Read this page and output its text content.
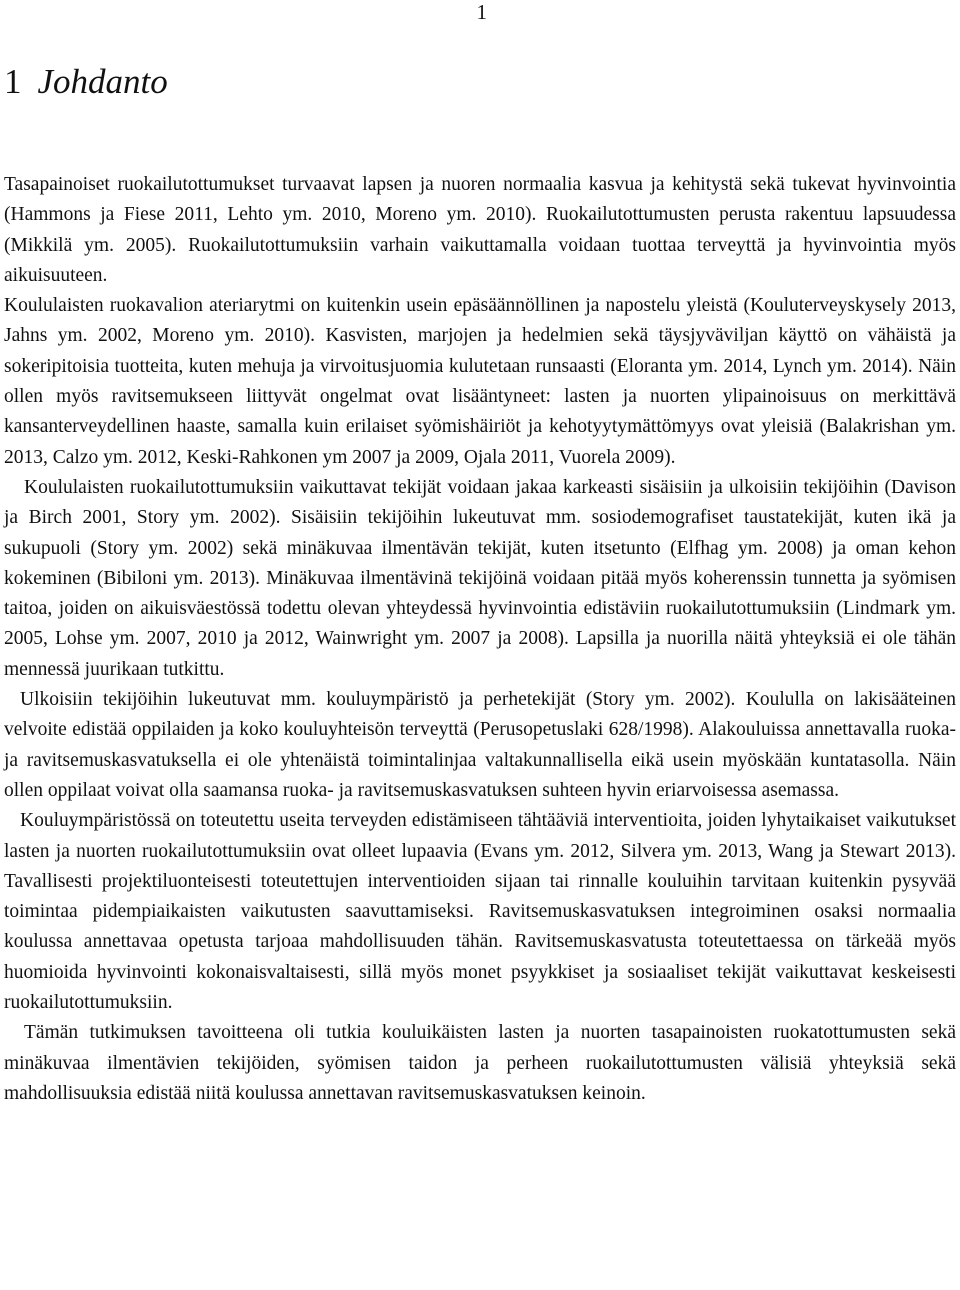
1
1 Johdanto

Tasapainoiset ruokailutottumukset turvaavat lapsen ja nuoren normaalia kasvua ja kehitystä sekä tukevat hyvinvointia (Hammons ja Fiese 2011, Lehto ym. 2010, Moreno ym. 2010). Ruokailutottumusten perusta rakentuu lapsuudessa (Mikkilä ym. 2005). Ruokailutottumuksiin varhain vaikuttamalla voidaan tuottaa terveyttä ja hyvinvointia myös aikuisuuteen.

Koululaisten ruokavalion ateriarytmi on kuitenkin usein epäsäännöllinen ja napostelu yleistä (Kouluterveyskysely 2013, Jahns ym. 2002, Moreno ym. 2010). Kasvisten, marjojen ja hedelmien sekä täysjyväviljan käyttö on vähäistä ja sokeripitoisia tuotteita, kuten mehuja ja virvoitusjuomia kulutetaan runsaasti (Eloranta ym. 2014, Lynch ym. 2014). Näin ollen myös ravitsemukseen liittyvät ongelmat ovat lisääntyneet: lasten ja nuorten ylipainoisuus on merkittävä kansanterveydellinen haaste, samalla kuin erilaiset syömishäiriöt ja kehotyytymättömyys ovat yleisiä (Balakrishan ym. 2013, Calzo ym. 2012, Keski-Rahkonen ym 2007 ja 2009, Ojala 2011, Vuorela 2009).

Koululaisten ruokailutottumuksiin vaikuttavat tekijät voidaan jakaa karkeasti sisäisiin ja ulkoisiin tekijöihin (Davison ja Birch 2001, Story ym. 2002). Sisäisiin tekijöihin lukeutuvat mm. sosiodemografiset taustatekijät, kuten ikä ja sukupuoli (Story ym. 2002) sekä minäkuvaa ilmentävän tekijät, kuten itsetunto (Elfhag ym. 2008) ja oman kehon kokeminen (Bibiloni ym. 2013). Minäkuvaa ilmentävinä tekijöinä voidaan pitää myös koherenssin tunnetta ja syömisen taitoa, joiden on aikuisväestössä todettu olevan yhteydessä hyvinvointia edistäviin ruokailutottumuksiin (Lindmark ym. 2005, Lohse ym. 2007, 2010 ja 2012, Wainwright ym. 2007 ja 2008). Lapsilla ja nuorilla näitä yhteyksiä ei ole tähän mennessä juurikaan tutkittu.

Ulkoisiin tekijöihin lukeutuvat mm. kouluympäristö ja perhetekijät (Story ym. 2002). Koululla on lakisääteinen velvoite edistää oppilaiden ja koko kouluyhteisön terveyttä (Perusopetuslaki 628/1998). Alakouluissa annettavalla ruoka- ja ravitsemuskasvatuksella ei ole yhtenäistä toimintalinjaa valtakunnallisella eikä usein myöskään kuntatasolla. Näin ollen oppilaat voivat olla saamansa ruoka- ja ravitsemuskasvatuksen suhteen hyvin eriarvoisessa asemassa.

Kouluympäristössä on toteutettu useita terveyden edistämiseen tähtääviä interventioita, joiden lyhytaikaiset vaikutukset lasten ja nuorten ruokailutottumuksiin ovat olleet lupaavia (Evans ym. 2012, Silvera ym. 2013, Wang ja Stewart 2013). Tavallisesti projektiluonteisesti toteutettujen interventioiden sijaan tai rinnalle kouluihin tarvitaan kuitenkin pysyvää toimintaa pidempiaikaisten vaikutusten saavuttamiseksi. Ravitsemuskasvatuksen integroiminen osaksi normaalia koulussa annettavaa opetusta tarjoaa mahdollisuuden tähän. Ravitsemuskasvatusta toteutettaessa on tärkeää myös huomioida hyvinvointi kokonaisvaltaisesti, sillä myös monet psyykkiset ja sosiaaliset tekijät vaikuttavat keskeisesti ruokailutottumuksiin.

Tämän tutkimuksen tavoitteena oli tutkia kouluikäisten lasten ja nuorten tasapainoisten ruokatottumusten sekä minäkuvaa ilmentävien tekijöiden, syömisen taidon ja perheen ruokailutottumusten välisiä yhteyksiä sekä mahdollisuuksia edistää niitä koulussa annettavan ravitsemuskasvatuksen keinoin.
